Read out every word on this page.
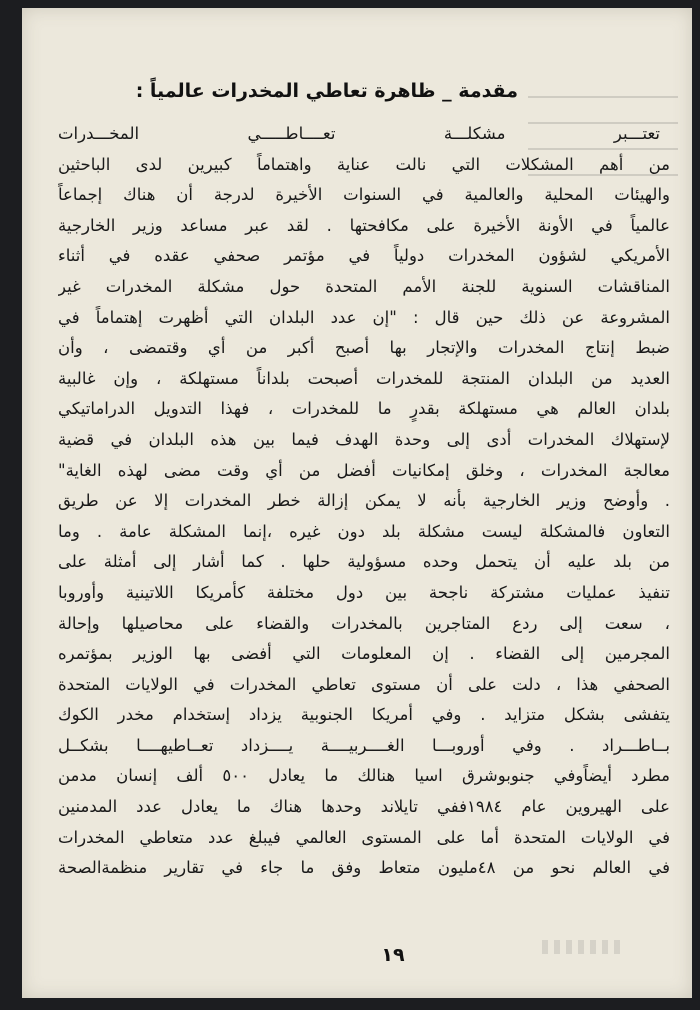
مقدمة _ ظاهرة تعاطي المخدرات عالمياً :
تعتـــبر مشكلـــة تعــــاطـــــي المخـــدرات
من أهم المشكلات التي نالت عناية واهتماماً كبيرين لدى الباحثين
والهيئات المحلية والعالمية في السنوات الأخيرة لدرجة أن هناك إجماعاً
عالمياً في الأونة الأخيرة على مكافحتها . لقد عبر مساعد وزير الخارجية
الأمريكي لشؤون المخدرات دولياً في مؤتمر صحفي عقده في أثناء
المناقشات السنوية للجنة الأمم المتحدة حول مشكلة المخدرات غير
المشروعة عن ذلك حين قال : "إن عدد البلدان التي أظهرت إهتماماً في
ضبط إنتاج المخدرات والإتجار بها أصبح أكبر من أي وقتمضى ، وأن
العديد من البلدان المنتجة للمخدرات أصبحت بلداناً مستهلكة ، وإن غالبية
بلدان العالم هي مستهلكة بقدرٍ ما للمخدرات ، فهذا التدويل الدراماتيكي
لإستهلاك المخدرات أدى إلى وحدة الهدف فيما بين هذه البلدان في قضية
معالجة المخدرات ، وخلق إمكانيات أفضل من أي وقت مضى لهذه الغاية"
. وأوضح وزير الخارجية بأنه لا يمكن إزالة خطر المخدرات إلا عن طريق
التعاون فالمشكلة ليست مشكلة بلد دون غيره ،إنما المشكلة عامة . وما
من بلد عليه أن يتحمل وحده مسؤولية حلها . كما أشار إلى أمثلة على
تنفيذ عمليات مشتركة ناجحة بين دول مختلفة كأمريكا اللاتينية وأوروبا
، سعت إلى ردع المتاجرين بالمخدرات والقضاء على محاصيلها وإحالة
المجرمين إلى القضاء . إن المعلومات التي أفضى بها الوزير بمؤتمره
الصحفي هذا ، دلت على أن مستوى تعاطي المخدرات في الولايات المتحدة
يتفشى بشكل متزايد . وفي أمريكا الجنوبية يزداد إستخدام مخدر الكوك
بــاطـــراد . وفي أوروبـــا الغــــربيــــة يــــزداد تعــاطيهــــا بشكــل
مطرد أيضاًوفي جنوبوشرق اسيا هنالك ما يعادل ٥٠٠ ألف إنسان مدمن
على الهيروين عام ١٩٨٤ففي تايلاند وحدها هناك ما يعادل عدد المدمنين
في الولايات المتحدة أما على المستوى العالمي فيبلغ عدد متعاطي المخدرات
في العالم نحو من ٤٨مليون متعاط وفق ما جاء في تقارير منظمةالصحة
١٩
